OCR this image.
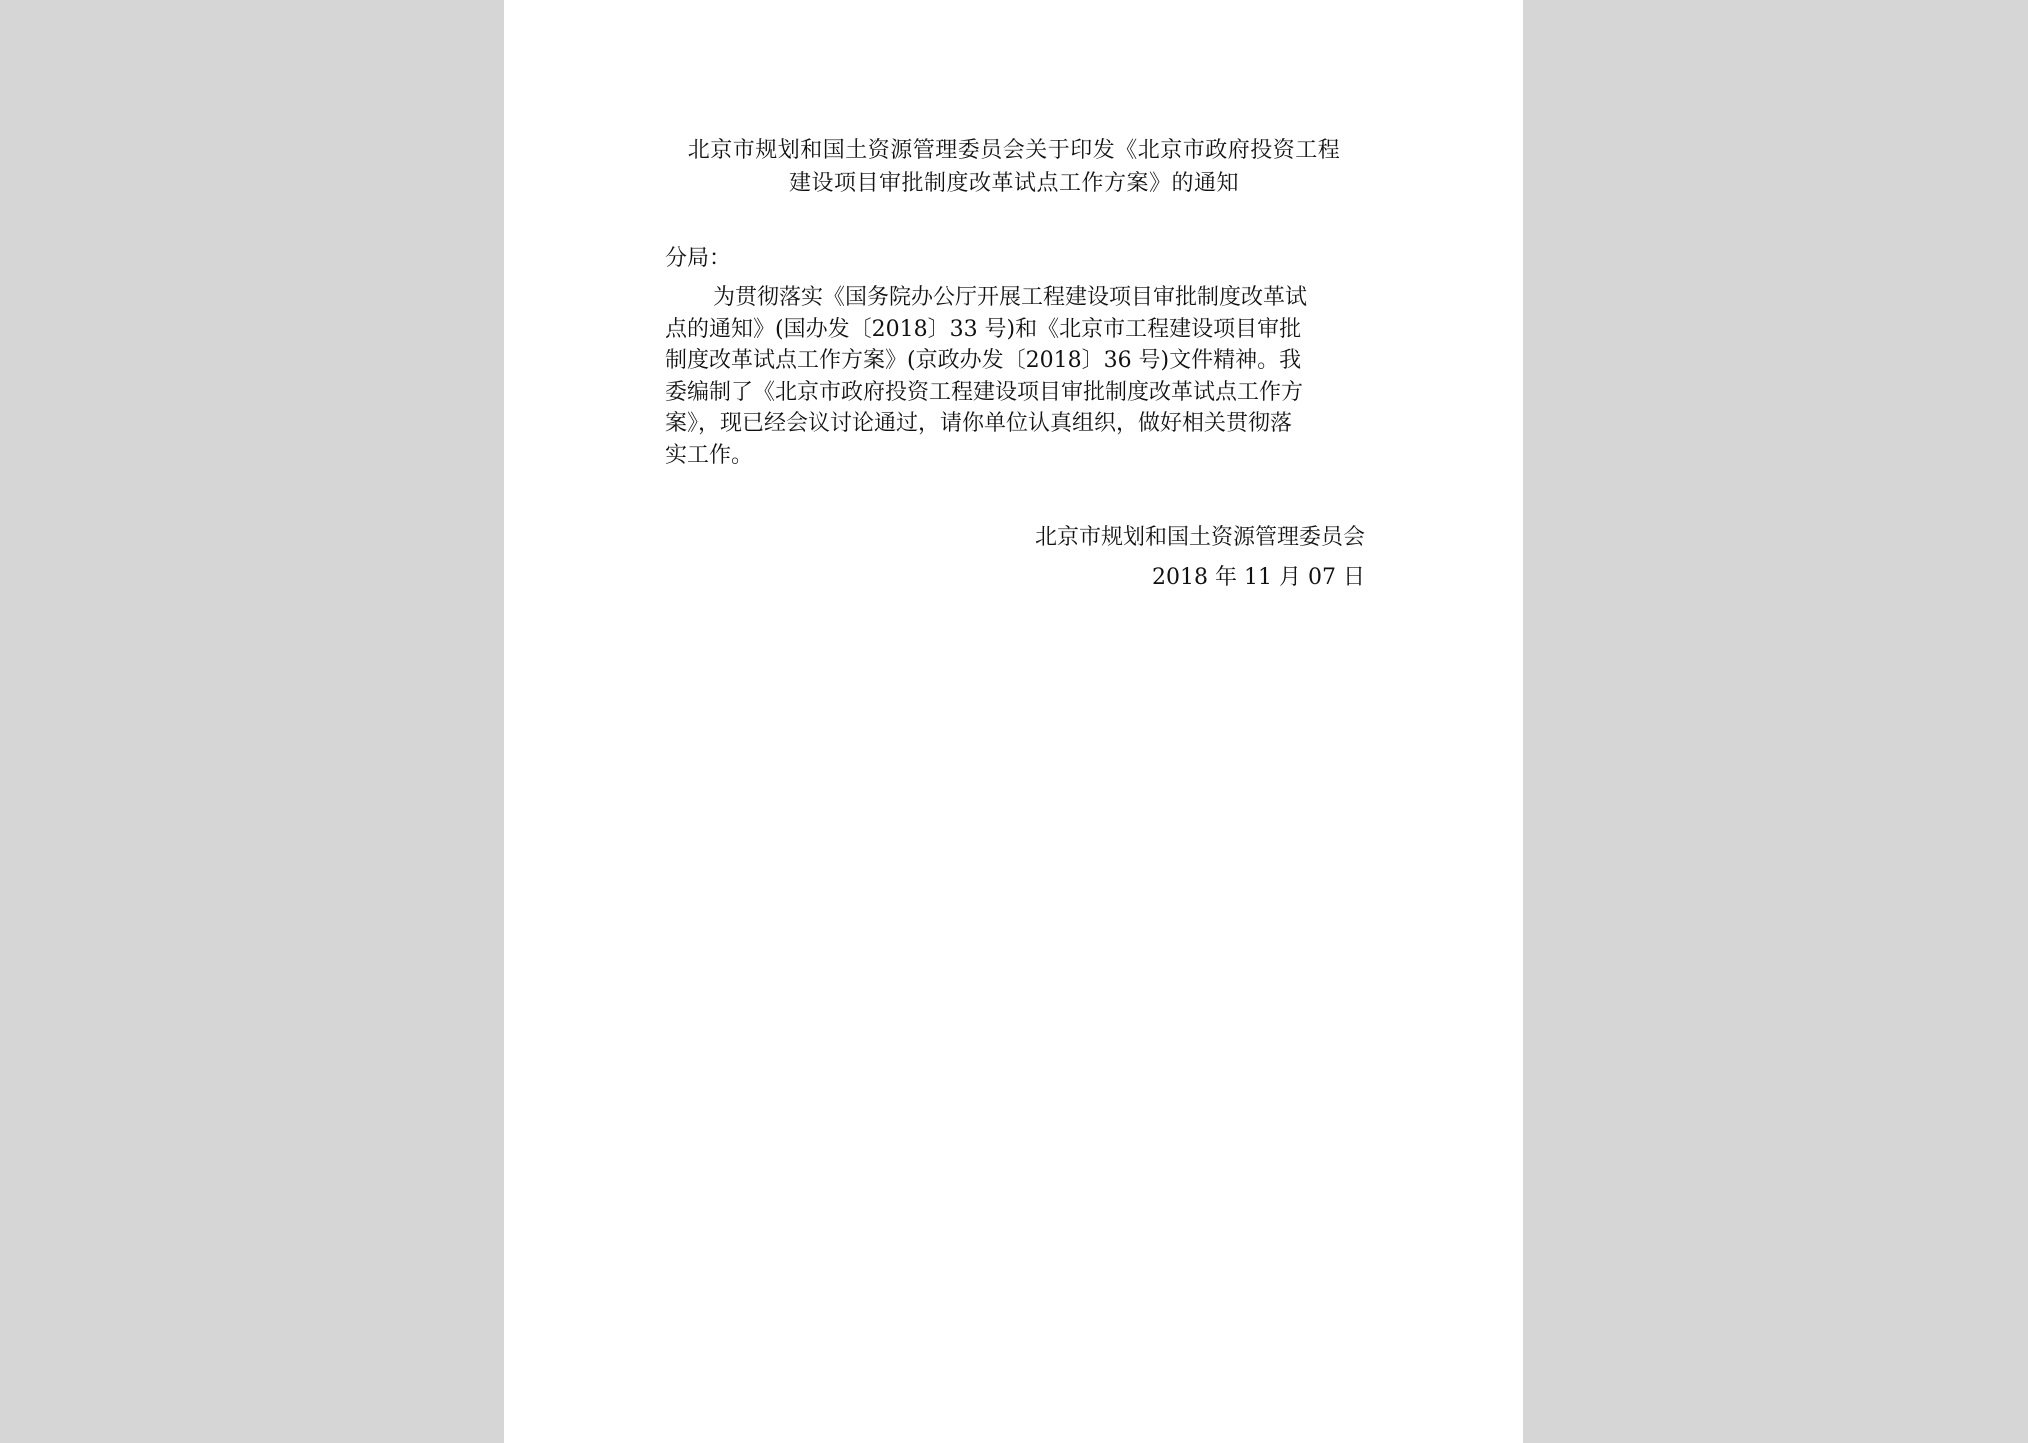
北京市规划和国土资源管理委员会关于印发《北京市政府投资工程
建设项目审批制度改革试点工作方案》的通知
分局：
为贯彻落实《国务院办公厅开展工程建设项目审批制度改革试
点的通知》(国办发〔2018〕33 号)和《北京市工程建设项目审批
制度改革试点工作方案》(京政办发〔2018〕36 号)文件精神。我
委编制了《北京市政府投资工程建设项目审批制度改革试点工作方
案》，现已经会议讨论通过，请你单位认真组织，做好相关贯彻落
实工作。
北京市规划和国土资源管理委员会
2018 年 11 月 07 日
